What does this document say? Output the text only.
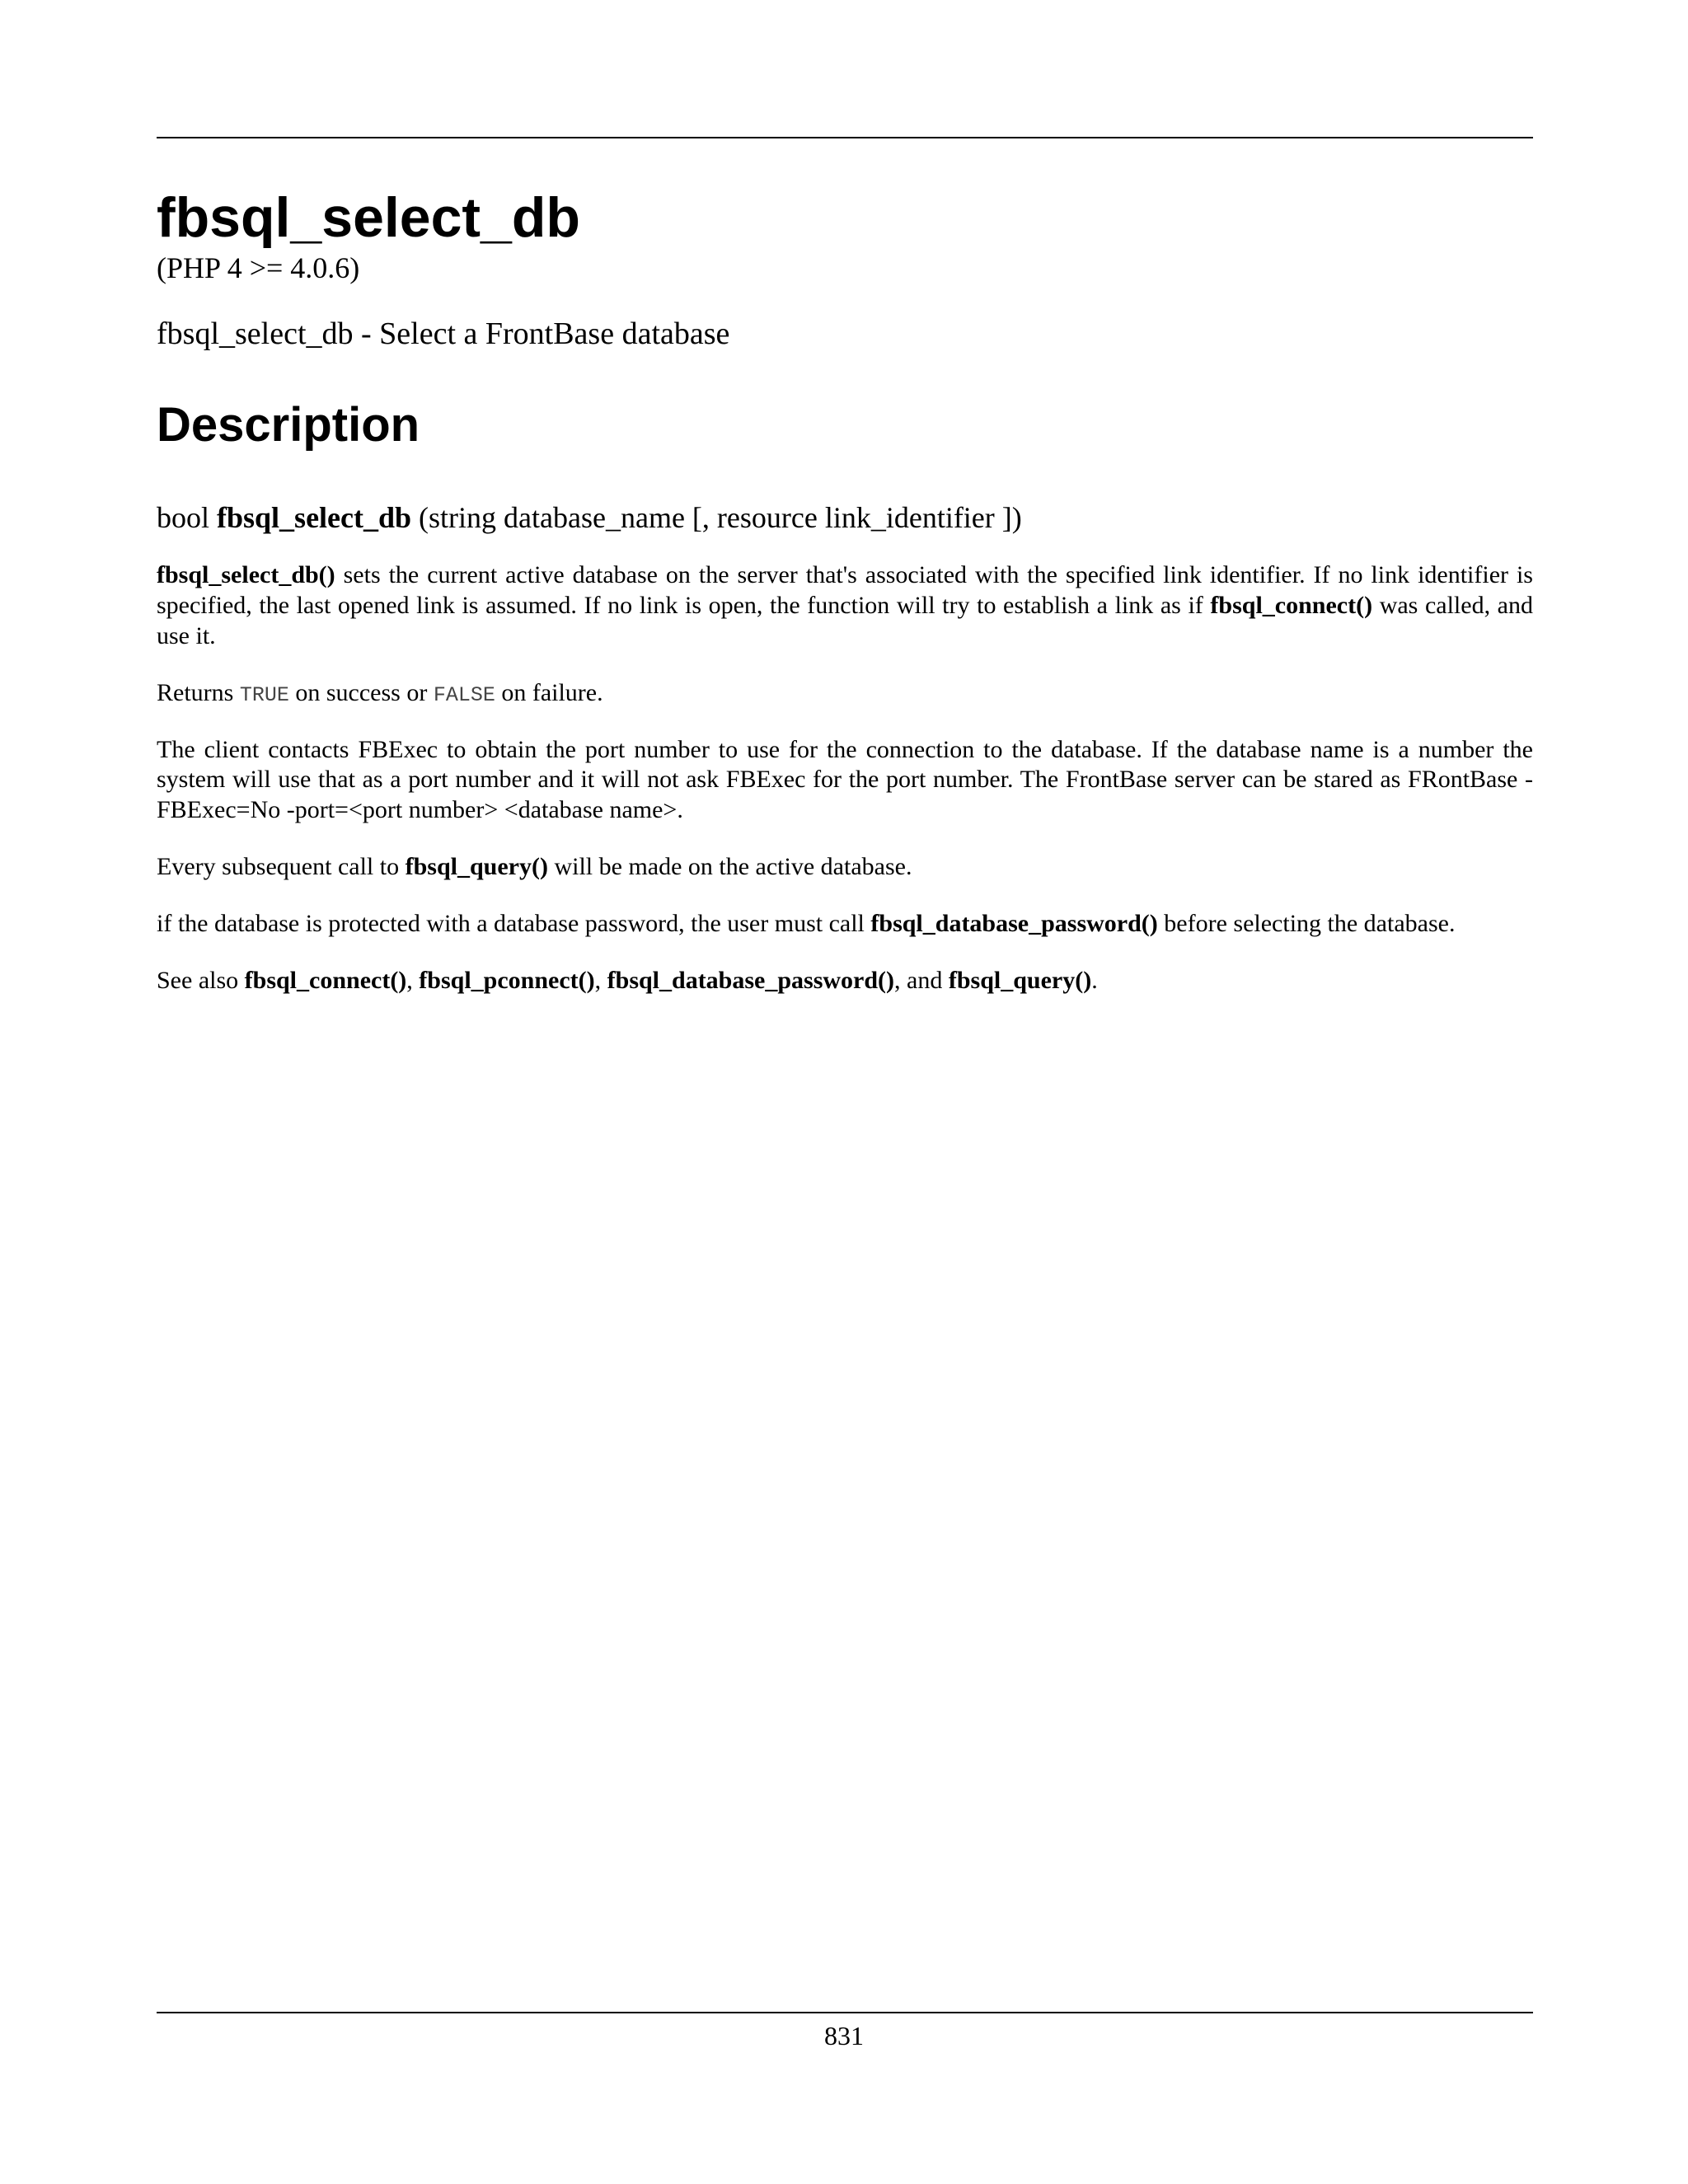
fbsql_select_db
(PHP 4 >= 4.0.6)
fbsql_select_db - Select a FrontBase database
Description
bool fbsql_select_db (string database_name [, resource link_identifier ])

fbsql_select_db() sets the current active database on the server that's associated with the specified link identifier. If no link identifier is specified, the last opened link is assumed. If no link is open, the function will try to establish a link as if fbsql_connect() was called, and use it.

Returns TRUE on success or FALSE on failure.

The client contacts FBExec to obtain the port number to use for the connection to the database. If the database name is a number the system will use that as a port number and it will not ask FBExec for the port number. The FrontBase server can be stared as FRontBase -FBExec=No -port=<port number> <database name>.

Every subsequent call to fbsql_query() will be made on the active database.

if the database is protected with a database password, the user must call fbsql_database_password() before selecting the database.

See also fbsql_connect(), fbsql_pconnect(), fbsql_database_password(), and fbsql_query().

831
